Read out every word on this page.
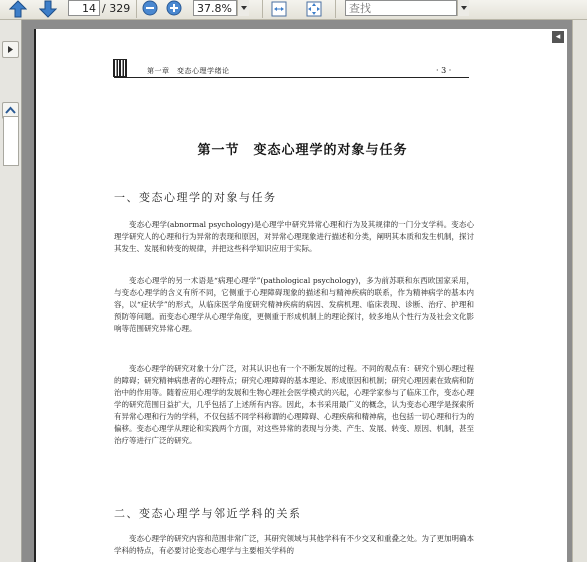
14
/ 329
37.8%
查找
◂
第一章　变态心理学绪论	· 3 ·
第一节　变态心理学的对象与任务
一、变态心理学的对象与任务

变态心理学(abnormal psychology)是心理学中研究异常心理和行为及其规律的一门分支学科。变态心理学研究人的心理和行为异常的表现和原因，对异常心理现象进行描述和分类，阐明其本质和发生机制，探讨其发生、发展和转变的规律，并把这些科学知识应用于实际。

变态心理学的另一术语是“病理心理学”(pathological psychology)，多为前苏联和东西欧国家采用，与变态心理学的含义有所不同，它侧重于心理障碍现象的描述和与精神疾病的联系，作为精神病学的基本内容，以“症状学”的形式，从临床医学角度研究精神疾病的病因、发病机理、临床表现、诊断、治疗、护理和预防等问题。而变态心理学从心理学角度，更侧重于形成机制上的理论探讨，较多地从个性行为及社会文化影响等范围研究异常心理。

变态心理学的研究对象十分广泛，对其认识也有一个不断发展的过程。不同的观点有：研究个别心理过程的障碍；研究精神病患者的心理特点；研究心理障碍的基本理论、形成原因和机制；研究心理因素在致病和防治中的作用等。随着应用心理学的发展和生物心理社会医学模式的兴起，心理学家参与了临床工作，变态心理学的研究范围日益扩大，几乎包括了上述所有内容。因此，本书采用最广义的概念，认为变态心理学是探索所有异常心理和行为的学科，不仅包括不同学科称谓的心理障碍、心理疾病和精神病，也包括一切心理和行为的偏移。变态心理学从理论和实践两个方面，对这些异常的表现与分类、产生、发展、转变、原因、机制，甚至治疗等进行广泛的研究。

二、变态心理学与邻近学科的关系

变态心理学的研究内容和范围非常广泛，其研究领域与其他学科有不少交叉和重叠之处。为了更加明确本学科的特点，有必要讨论变态心理学与主要相关学科的
